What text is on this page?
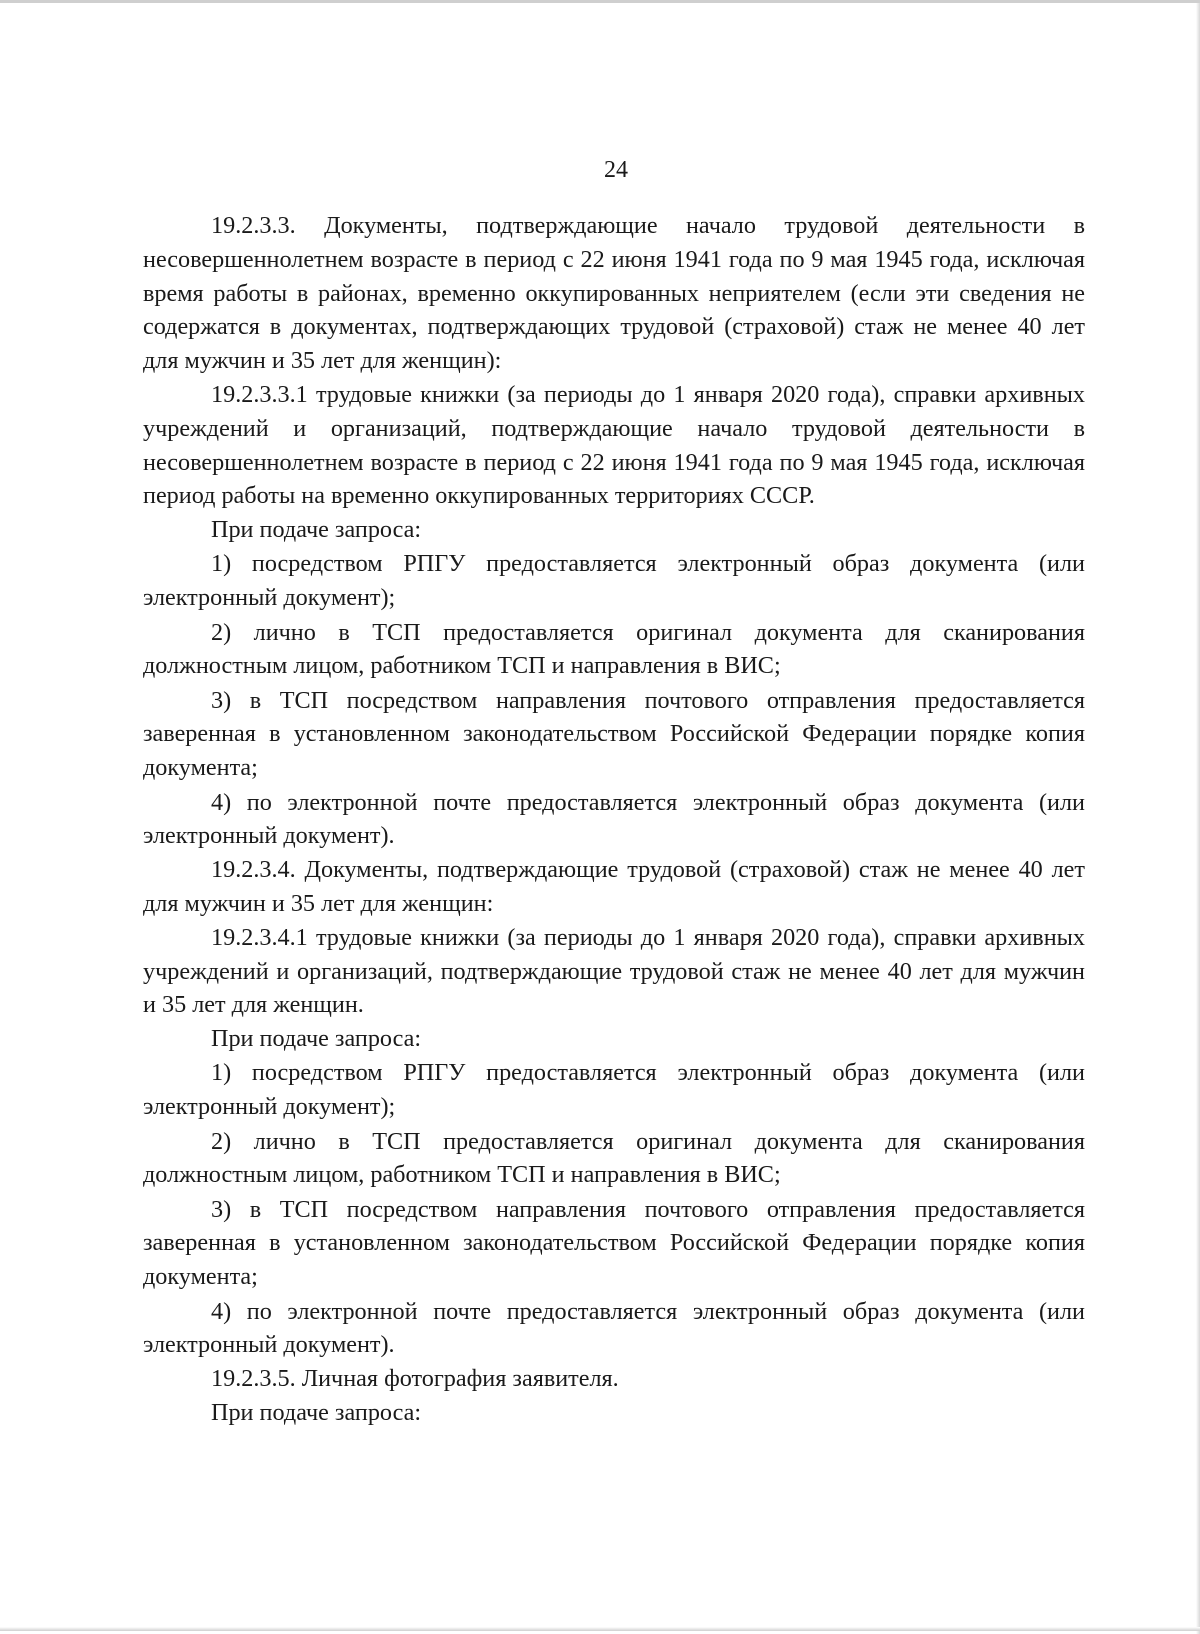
24

19.2.3.3. Документы, подтверждающие начало трудовой деятельности в несовершеннолетнем возрасте в период с 22 июня 1941 года по 9 мая 1945 года, исключая время работы в районах, временно оккупированных неприятелем (если эти сведения не содержатся в документах, подтверждающих трудовой (страховой) стаж не менее 40 лет для мужчин и 35 лет для женщин):

19.2.3.3.1 трудовые книжки (за периоды до 1 января 2020 года), справки архивных учреждений и организаций, подтверждающие начало трудовой деятельности в несовершеннолетнем возрасте в период с 22 июня 1941 года по 9 мая 1945 года, исключая период работы на временно оккупированных территориях СССР.

При подаче запроса:

1) посредством РПГУ предоставляется электронный образ документа (или электронный документ);

2) лично в ТСП предоставляется оригинал документа для сканирования должностным лицом, работником ТСП и направления в ВИС;

3) в ТСП посредством направления почтового отправления предоставляется заверенная в установленном законодательством Российской Федерации порядке копия документа;

4) по электронной почте предоставляется электронный образ документа (или электронный документ).

19.2.3.4. Документы, подтверждающие трудовой (страховой) стаж не менее 40 лет для мужчин и 35 лет для женщин:

19.2.3.4.1 трудовые книжки (за периоды до 1 января 2020 года), справки архивных учреждений и организаций, подтверждающие трудовой стаж не менее 40 лет для мужчин и 35 лет для женщин.

При подаче запроса:

1) посредством РПГУ предоставляется электронный образ документа (или электронный документ);

2) лично в ТСП предоставляется оригинал документа для сканирования должностным лицом, работником ТСП и направления в ВИС;

3) в ТСП посредством направления почтового отправления предоставляется заверенная в установленном законодательством Российской Федерации порядке копия документа;

4) по электронной почте предоставляется электронный образ документа (или электронный документ).

19.2.3.5. Личная фотография заявителя.

При подаче запроса:
